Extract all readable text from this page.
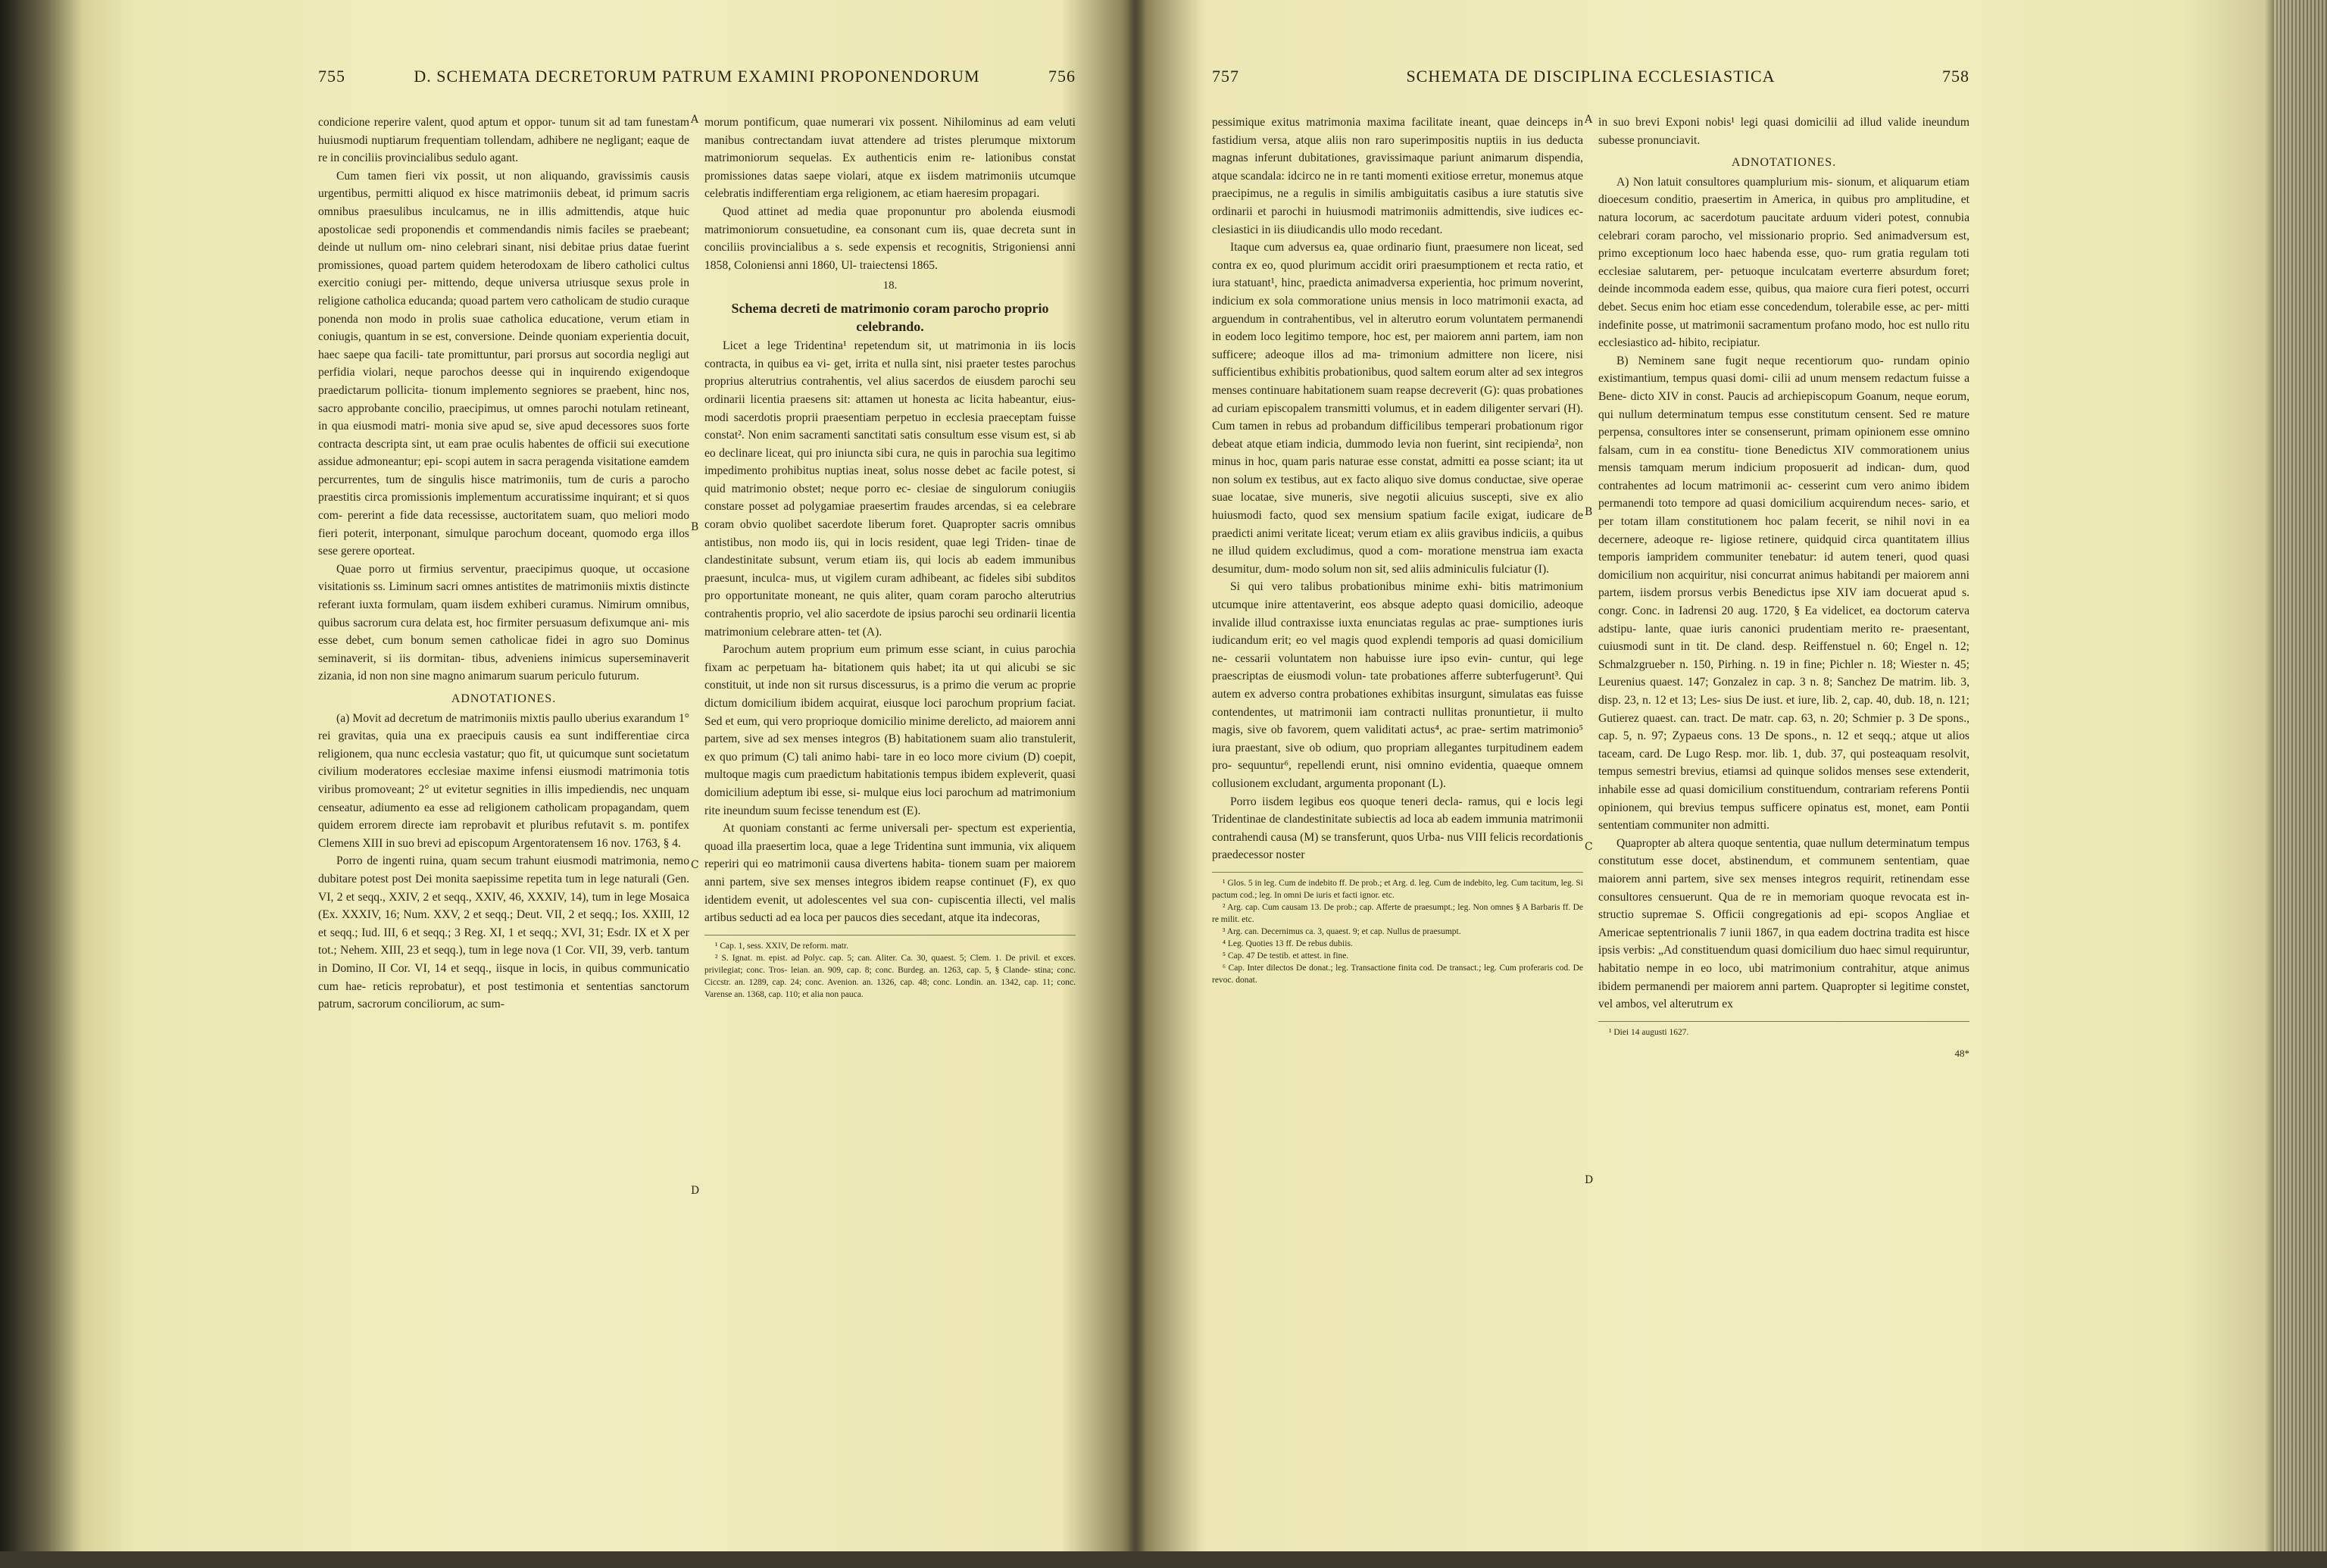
755	D. SCHEMATA DECRETORUM PATRUM EXAMINI PROPONENDORUM	756

condicione reperire valent, quod aptum et oppor- tunum sit ad tam funestam huiusmodi nuptiarum frequentiam tollendam, adhibere ne negligant; eaque de re in conciliis provincialibus sedulo agant.

Cum tamen fieri vix possit, ut non aliquando, gravissimis causis urgentibus, permitti aliquod ex hisce matrimoniis debeat, id primum sacris omnibus praesulibus inculcamus, ne in illis admittendis, atque huic apostolicae sedi proponendis et commendandis nimis faciles se praebeant; deinde ut nullum om- nino celebrari sinant, nisi debitae prius datae fuerint promissiones, quoad partem quidem heterodoxam de libero catholici cultus exercitio coniugi per- mittendo, deque universa utriusque sexus prole in religione catholica educanda; quoad partem vero catholicam de studio curaque ponenda non modo in prolis suae catholica educatione, verum etiam in coniugis, quantum in se est, conversione. Deinde quoniam experientia docuit, haec saepe qua facili- tate promittuntur, pari prorsus aut socordia negligi aut perfidia violari, neque parochos deesse qui in inquirendo exigendoque praedictarum pollicita- tionum implemento segniores se praebent, hinc nos, sacro approbante concilio, praecipimus, ut omnes parochi notulam retineant, in qua eiusmodi matri- monia sive apud se, sive apud decessores suos forte contracta descripta sint, ut eam prae oculis habentes de officii sui executione assidue admoneantur; epi- scopi autem in sacra peragenda visitatione eamdem percurrentes, tum de singulis hisce matrimoniis, tum de curis a parocho praestitis circa promissionis implementum accuratissime inquirant; et si quos com- pererint a fide data recessisse, auctoritatem suam, quo meliori modo fieri poterit, interponant, simulque parochum doceant, quomodo erga illos sese gerere oporteat.

Quae porro ut firmius serventur, praecipimus quoque, ut occasione visitationis ss. Liminum sacri omnes antistites de matrimoniis mixtis distincte referant iuxta formulam, quam iisdem exhiberi curamus. Nimirum omnibus, quibus sacrorum cura delata est, hoc firmiter persuasum defixumque ani- mis esse debet, cum bonum semen catholicae fidei in agro suo Dominus seminaverit, si iis dormitan- tibus, adveniens inimicus superseminaverit zizania, id non non sine magno animarum suarum periculo futurum.

ADNOTATIONES.

(a) Movit ad decretum de matrimoniis mixtis paullo uberius exarandum 1° rei gravitas, quia una ex praecipuis causis ea sunt indifferentiae circa religionem, qua nunc ecclesia vastatur; quo fit, ut quicumque sunt societatum civilium moderatores ecclesiae maxime infensi eiusmodi matrimonia totis viribus promoveant; 2° ut evitetur segnities in illis impediendis, nec unquam censeatur, adiumento ea esse ad religionem catholicam propagandam, quem quidem errorem directe iam reprobavit et pluribus refutavit s. m. pontifex Clemens XIII in suo brevi ad episcopum Argentoratensem 16 nov. 1763, § 4.

Porro de ingenti ruina, quam secum trahunt eiusmodi matrimonia, nemo dubitare potest post Dei monita saepissime repetita tum in lege naturali (Gen. VI, 2 et seqq., XXIV, 2 et seqq., XXIV, 46, XXXIV, 14), tum in lege Mosaica (Ex. XXXIV, 16; Num. XXV, 2 et seqq.; Deut. VII, 2 et seqq.; Ios. XXIII, 12 et seqq.; Iud. III, 6 et seqq.; 3 Reg. XI, 1 et seqq.; XVI, 31; Esdr. IX et X per tot.; Nehem. XIII, 23 et seqq.), tum in lege nova (1 Cor. VII, 39, verb. tantum in Domino, II Cor. VI, 14 et seqq., iisque in locis, in quibus communicatio cum hae- reticis reprobatur), et post testimonia et sententias sanctorum patrum, sacrorum conciliorum, ac sum-

morum pontificum, quae numerari vix possent. Nihilominus ad eam veluti manibus contrectandam iuvat attendere ad tristes plerumque mixtorum matrimoniorum sequelas. Ex authenticis enim re- lationibus constat promissiones datas saepe violari, atque ex iisdem matrimoniis utcumque celebratis indifferentiam erga religionem, ac etiam haeresim propagari.

Quod attinet ad media quae proponuntur pro abolenda eiusmodi matrimoniorum consuetudine, ea consonant cum iis, quae decreta sunt in conciliis provincialibus a s. sede expensis et recognitis, Strigoniensi anni 1858, Coloniensi anni 1860, Ul- traiectensi 1865.

18.
Schema decreti de matrimonio coram parocho proprio celebrando.

Licet a lege Tridentina¹ repetendum sit, ut matrimonia in iis locis contracta, in quibus ea vi- get, irrita et nulla sint, nisi praeter testes parochus proprius alterutrius contrahentis, vel alius sacerdos de eiusdem parochi seu ordinarii licentia praesens sit: attamen ut honesta ac licita habeantur, eius- modi sacerdotis proprii praesentiam perpetuo in ecclesia praeceptam fuisse constat². Non enim sacramenti sanctitati satis consultum esse visum est, si ab eo declinare liceat, qui pro iniuncta sibi cura, ne quis in parochia sua legitimo impedimento prohibitus nuptias ineat, solus nosse debet ac facile potest, si quid matrimonio obstet; neque porro ec- clesiae de singulorum coniugiis constare posset ad polygamiae praesertim fraudes arcendas, si ea celebrare coram obvio quolibet sacerdote liberum foret. Quapropter sacris omnibus antistibus, non modo iis, qui in locis resident, quae legi Triden- tinae de clandestinitate subsunt, verum etiam iis, qui locis ab eadem immunibus praesunt, inculca- mus, ut vigilem curam adhibeant, ac fideles sibi subditos pro opportunitate moneant, ne quis aliter, quam coram parocho alterutrius contrahentis proprio, vel alio sacerdote de ipsius parochi seu ordinarii licentia matrimonium celebrare atten- tet (A).

Parochum autem proprium eum primum esse sciant, in cuius parochia fixam ac perpetuam ha- bitationem quis habet; ita ut qui alicubi se sic constituit, ut inde non sit rursus discessurus, is a primo die verum ac proprie dictum domicilium ibidem acquirat, eiusque loci parochum proprium faciat. Sed et eum, qui vero proprioque domicilio minime derelicto, ad maiorem anni partem, sive ad sex menses integros (B) habitationem suam alio transtulerit, ex quo primum (C) tali animo habi- tare in eo loco more civium (D) coepit, multoque magis cum praedictum habitationis tempus ibidem expleverit, quasi domicilium adeptum ibi esse, si- mulque eius loci parochum ad matrimonium rite ineundum suum fecisse tenendum est (E).

At quoniam constanti ac ferme universali per- spectum est experientia, quoad illa praesertim loca, quae a lege Tridentina sunt immunia, vix aliquem reperiri qui eo matrimonii causa divertens habita- tionem suam per maiorem anni partem, sive sex menses integros ibidem reapse continuet (F), ex quo identidem evenit, ut adolescentes vel sua con- cupiscentia illecti, vel malis artibus seducti ad ea loca per paucos dies secedant, atque ita indecoras,

¹ Cap. 1, sess. XXIV, De reform. matr.

² S. Ignat. m. epist. ad Polyc. cap. 5; can. Aliter. Ca. 30, quaest. 5; Clem. 1. De privil. et exces. privilegiat; conc. Tros- leian. an. 909, cap. 8; conc. Burdeg. an. 1263, cap. 5, § Clande- stina; conc. Ciccstr. an. 1289, cap. 24; conc. Avenion. an. 1326, cap. 48; conc. Londin. an. 1342, cap. 11; conc. Varense an. 1368, cap. 110; et alia non pauca.

A
B
C
D
757	SCHEMATA DE DISCIPLINA ECCLESIASTICA	758

pessimique exitus matrimonia maxima facilitate ineant, quae deinceps in fastidium versa, atque aliis non raro superimpositis nuptiis in ius deducta magnas inferunt dubitationes, gravissimaque pariunt animarum dispendia, atque scandala: idcirco ne in re tanti momenti exitiose erretur, monemus atque praecipimus, ne a regulis in similis ambiguitatis casibus a iure statutis sive ordinarii et parochi in huiusmodi matrimoniis admittendis, sive iudices ec- clesiastici in iis diiudicandis ullo modo recedant.

Itaque cum adversus ea, quae ordinario fiunt, praesumere non liceat, sed contra ex eo, quod plurimum accidit oriri praesumptionem et recta ratio, et iura statuant¹, hinc, praedicta animadversa experientia, hoc primum noverint, indicium ex sola commoratione unius mensis in loco matrimonii exacta, ad arguendum in contrahentibus, vel in alterutro eorum voluntatem permanendi in eodem loco legitimo tempore, hoc est, per maiorem anni partem, iam non sufficere; adeoque illos ad ma- trimonium admittere non licere, nisi sufficientibus exhibitis probationibus, quod saltem eorum alter ad sex integros menses continuare habitationem suam reapse decreverit (G): quas probationes ad curiam episcopalem transmitti volumus, et in eadem diligenter servari (H). Cum tamen in rebus ad probandum difficilibus temperari probationum rigor debeat atque etiam indicia, dummodo levia non fuerint, sint recipienda², non minus in hoc, quam paris naturae esse constat, admitti ea posse sciant; ita ut non solum ex testibus, aut ex facto aliquo sive domus conductae, sive operae suae locatae, sive muneris, sive negotii alicuius suscepti, sive ex alio huiusmodi facto, quod sex mensium spatium facile exigat, iudicare de praedicti animi veritate liceat; verum etiam ex aliis gravibus indiciis, a quibus ne illud quidem excludimus, quod a com- moratione menstrua iam exacta desumitur, dum- modo solum non sit, sed aliis adminiculis fulciatur (I).

Si qui vero talibus probationibus minime exhi- bitis matrimonium utcumque inire attentaverint, eos absque adepto quasi domicilio, adeoque invalide illud contraxisse iuxta enunciatas regulas ac prae- sumptiones iuris iudicandum erit; eo vel magis quod explendi temporis ad quasi domicilium ne- cessarii voluntatem non habuisse iure ipso evin- cuntur, qui lege praescriptas de eiusmodi volun- tate probationes afferre subterfugerunt³. Qui autem ex adverso contra probationes exhibitas insurgunt, simulatas eas fuisse contendentes, ut matrimonii iam contracti nullitas pronuntietur, ii multo magis, sive ob favorem, quem validitati actus⁴, ac prae- sertim matrimonio⁵ iura praestant, sive ob odium, quo propriam allegantes turpitudinem eadem pro- sequuntur⁶, repellendi erunt, nisi omnino evidentia, quaeque omnem collusionem excludant, argumenta proponant (L).

Porro iisdem legibus eos quoque teneri decla- ramus, qui e locis legi Tridentinae de clandestinitate subiectis ad loca ab eadem immunia matrimonii contrahendi causa (M) se transferunt, quos Urba- nus VIII felicis recordationis praedecessor noster

¹ Glos. 5 in leg. Cum de indebito ff. De prob.; et Arg. d. leg. Cum de indebito, leg. Cum tacitum, leg. Si pactum cod.; leg. In omni De iuris et facti ignor. etc.

² Arg. cap. Cum causam 13. De prob.; cap. Afferte de praesumpt.; leg. Non omnes § A Barbaris ff. De re milit. etc.

³ Arg. can. Decernimus ca. 3, quaest. 9; et cap. Nullus de praesumpt.

⁴ Leg. Quoties 13 ff. De rebus dubiis.

⁵ Cap. 47 De testib. et attest. in fine.

⁶ Cap. Inter dilectos De donat.; leg. Transactione finita cod. De transact.; leg. Cum proferaris cod. De revoc. donat.

in suo brevi Exponi nobis¹ legi quasi domicilii ad illud valide ineundum subesse pronunciavit.

ADNOTATIONES.

A) Non latuit consultores quamplurium mis- sionum, et aliquarum etiam dioecesum conditio, praesertim in America, in quibus pro amplitudine, et natura locorum, ac sacerdotum paucitate arduum videri potest, connubia celebrari coram parocho, vel missionario proprio. Sed animadversum est, primo exceptionum loco haec habenda esse, quo- rum gratia regulam toti ecclesiae salutarem, per- petuoque inculcatam everterre absurdum foret; deinde incommoda eadem esse, quibus, qua maiore cura fieri potest, occurri debet. Secus enim hoc etiam esse concedendum, tolerabile esse, ac per- mitti indefinite posse, ut matrimonii sacramentum profano modo, hoc est nullo ritu ecclesiastico ad- hibito, recipiatur.

B) Neminem sane fugit neque recentiorum quo- rundam opinio existimantium, tempus quasi domi- cilii ad unum mensem redactum fuisse a Bene- dicto XIV in const. Paucis ad archiepiscopum Goanum, neque eorum, qui nullum determinatum tempus esse constitutum censent. Sed re mature perpensa, consultores inter se consenserunt, primam opinionem esse omnino falsam, cum in ea constitu- tione Benedictus XIV commorationem unius mensis tamquam merum indicium proposuerit ad indican- dum, quod contrahentes ad locum matrimonii ac- cesserint cum vero animo ibidem permanendi toto tempore ad quasi domicilium acquirendum neces- sario, et per totam illam constitutionem hoc palam fecerit, se nihil novi in ea decernere, adeoque re- ligiose retinere, quidquid circa quantitatem illius temporis iampridem communiter tenebatur: id autem teneri, quod quasi domicilium non acquiritur, nisi concurrat animus habitandi per maiorem anni partem, iisdem prorsus verbis Benedictus ipse XIV iam docuerat apud s. congr. Conc. in Iadrensi 20 aug. 1720, § Ea videlicet, ea doctorum caterva adstipu- lante, quae iuris canonici prudentiam merito re- praesentant, cuiusmodi sunt in tit. De cland. desp. Reiffenstuel n. 60; Engel n. 12; Schmalzgrueber n. 150, Pirhing. n. 19 in fine; Pichler n. 18; Wiester n. 45; Leurenius quaest. 147; Gonzalez in cap. 3 n. 8; Sanchez De matrim. lib. 3, disp. 23, n. 12 et 13; Les- sius De iust. et iure, lib. 2, cap. 40, dub. 18, n. 121; Gutierez quaest. can. tract. De matr. cap. 63, n. 20; Schmier p. 3 De spons., cap. 5, n. 97; Zypaeus cons. 13 De spons., n. 12 et seqq.; atque ut alios taceam, card. De Lugo Resp. mor. lib. 1, dub. 37, qui posteaquam resolvit, tempus semestri brevius, etiamsi ad quinque solidos menses sese extenderit, inhabile esse ad quasi domicilium constituendum, contrariam referens Pontii opinionem, qui brevius tempus sufficere opinatus est, monet, eam Pontii sententiam communiter non admitti.

Quapropter ab altera quoque sententia, quae nullum determinatum tempus constitutum esse docet, abstinendum, et communem sententiam, quae maiorem anni partem, sive sex menses integros requirit, retinendam esse consultores censuerunt. Qua de re in memoriam quoque revocata est in- structio supremae S. Officii congregationis ad epi- scopos Angliae et Americae septentrionalis 7 iunii 1867, in qua eadem doctrina tradita est hisce ipsis verbis: „Ad constituendum quasi domicilium duo haec simul requiruntur, habitatio nempe in eo loco, ubi matrimonium contrahitur, atque animus ibidem permanendi per maiorem anni partem. Quapropter si legitime constet, vel ambos, vel alterutrum ex

¹ Diei 14 augusti 1627.

48*
A
B
C
D
